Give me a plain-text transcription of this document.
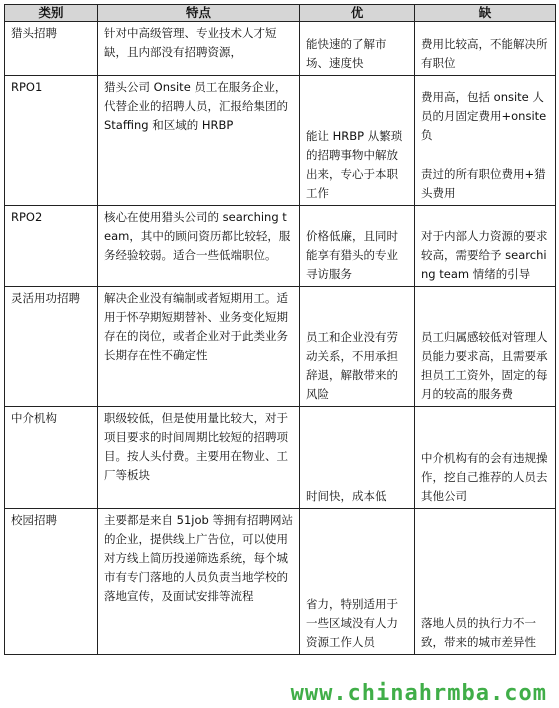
类别	特点	优	缺
猎头招聘	针对中高级管理、专业技术人才短缺，且内部没有招聘资源，	能快速的了解市场、速度快	费用比较高，不能解决所有职位
RPO1	猎头公司 Onsite 员工在服务企业，代替企业的招聘人员，汇报给集团的 Staffing 和区域的 HRBP	能让 HRBP 从繁琐的招聘事物中解放出来，专心于本职工作	费用高，包括 onsite 人员的月固定费用+onsite 负
责过的所有职位费用+猎头费用

RPO2	核心在使用猎头公司的 searching team，其中的顾问资历都比较轻，服务经验较弱。适合一些低端职位。	价格低廉，且同时能享有猎头的专业寻访服务	对于内部人力资源的要求较高，需要给予 searching team 情绪的引导
灵活用功招聘	解决企业没有编制或者短期用工。适用于怀孕期短期替补、业务变化短期存在的岗位，或者企业对于此类业务长期存在性不确定性	员工和企业没有劳动关系，不用承担辞退，解散带来的风险	员工归属感较低对管理人员能力要求高，且需要承担员工工资外，固定的每月的较高的服务费
中介机构	职级较低，但是使用量比较大，对于项目要求的时间周期比较短的招聘项目。按人头付费。主要用在物业、工厂等板块	时间快，成本低	中介机构有的会有违规操作，挖自己推荐的人员去其他公司
校园招聘	主要都是来自 51job 等拥有招聘网站的企业，提供线上广告位，可以使用对方线上简历投递筛选系统，每个城市有专门落地的人员负责当地学校的落地宣传，及面试安排等流程	省力，特别适用于一些区域没有人力资源工作人员	落地人员的执行力不一致，带来的城市差异性
www.chinahrmba.com
